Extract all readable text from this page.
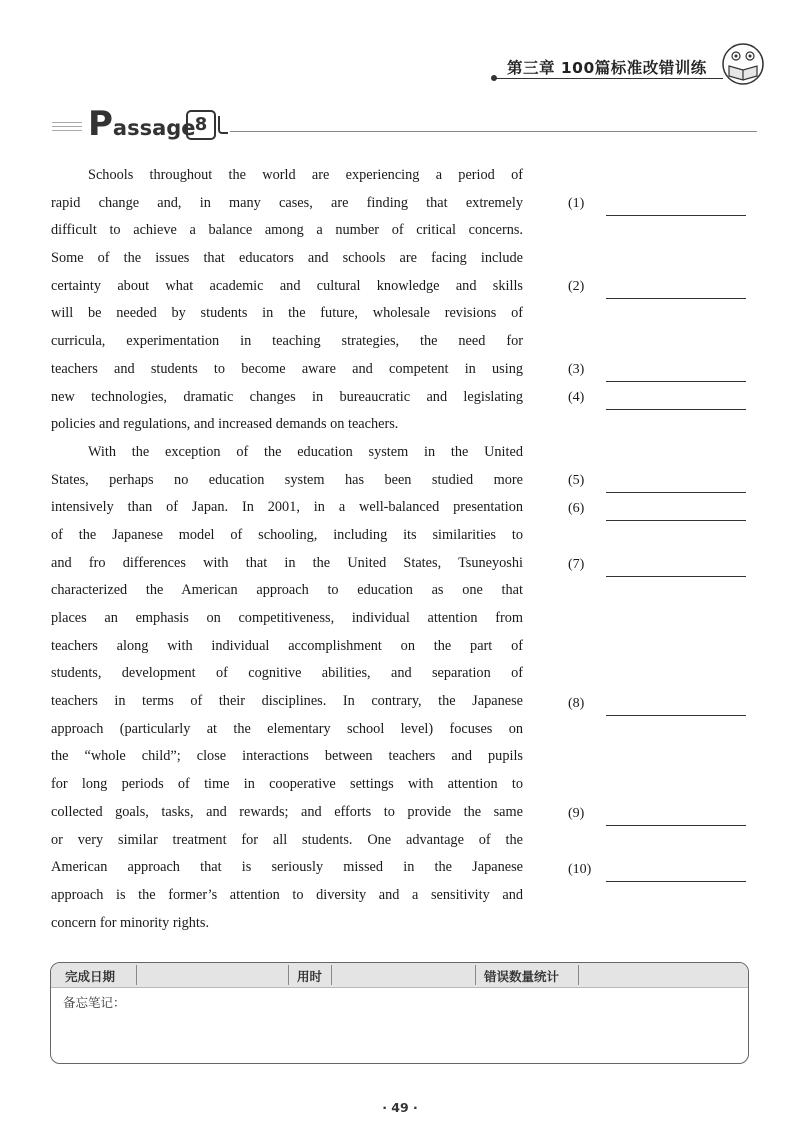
第三章 100篇标准改错训练
Passage 8
Schools throughout the world are experiencing a period of
rapid change and, in many cases, are finding that extremely
difficult to achieve a balance among a number of critical concerns.
Some of the issues that educators and schools are facing include
certainty about what academic and cultural knowledge and skills
will be needed by students in the future, wholesale revisions of
curricula, experimentation in teaching strategies, the need for
teachers and students to become aware and competent in using
new technologies, dramatic changes in bureaucratic and legislating
policies and regulations, and increased demands on teachers.
With the exception of the education system in the United
States, perhaps no education system has been studied more
intensively than of Japan. In 2001, in a well-balanced presentation
of the Japanese model of schooling, including its similarities to
and fro differences with that in the United States, Tsuneyoshi
characterized the American approach to education as one that
places an emphasis on competitiveness, individual attention from
teachers along with individual accomplishment on the part of
students, development of cognitive abilities, and separation of
teachers in terms of their disciplines. In contrary, the Japanese
approach (particularly at the elementary school level) focuses on
the “whole child”; close interactions between teachers and pupils
for long periods of time in cooperative settings with attention to
collected goals, tasks, and rewards; and efforts to provide the same
or very similar treatment for all students. One advantage of the
American approach that is seriously missed in the Japanese
approach is the former’s attention to diversity and a sensitivity and
concern for minority rights.
(1)
(2)
(3)
(4)
(5)
(6)
(7)
(8)
(9)
(10)
完成日期	用时	错误数量统计
备忘笔记：
· 49 ·
